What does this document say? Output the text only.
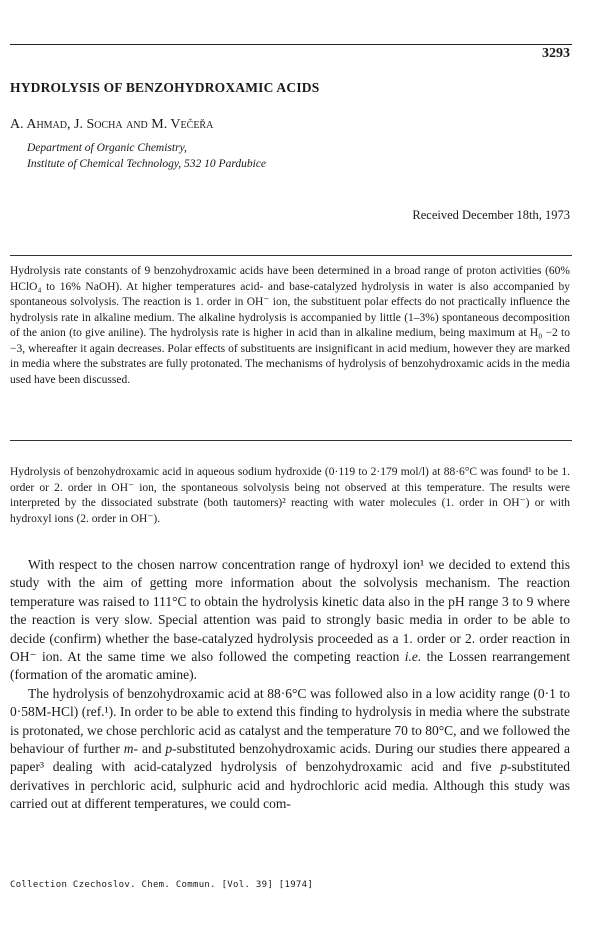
3293
HYDROLYSIS OF BENZOHYDROXAMIC ACIDS
A. Ahmad, J. Socha and M. Večeřa
Department of Organic Chemistry,
Institute of Chemical Technology, 532 10 Pardubice
Received December 18th, 1973
Hydrolysis rate constants of 9 benzohydroxamic acids have been determined in a broad range of proton activities (60% HClO₄ to 16% NaOH). At higher temperatures acid- and base-catalyzed hydrolysis in water is also accompanied by spontaneous solvolysis. The reaction is 1. order in OH⁻ ion, the substituent polar effects do not practically influence the hydrolysis rate in alkaline medium. The alkaline hydrolysis is accompanied by little (1–3%) spontaneous decomposition of the anion (to give aniline). The hydrolysis rate is higher in acid than in alkaline medium, being maximum at H₀ −2 to −3, whereafter it again decreases. Polar effects of substituents are insignificant in acid medium, however they are marked in media where the substrates are fully protonated. The mechanisms of hydrolysis of benzohydroxamic acids in the media used have been discussed.
Hydrolysis of benzohydroxamic acid in aqueous sodium hydroxide (0·119 to 2·179 mol/l) at 88·6°C was found¹ to be 1. order or 2. order in OH⁻ ion, the spontaneous solvolysis being not observed at this temperature. The results were interpreted by the dissociated substrate (both tautomers)² reacting with water molecules (1. order in OH⁻) or with hydroxyl ions (2. order in OH⁻).

With respect to the chosen narrow concentration range of hydroxyl ion¹ we decided to extend this study with the aim of getting more information about the solvolysis mechanism. The reaction temperature was raised to 111°C to obtain the hydrolysis kinetic data also in the pH range 3 to 9 where the reaction is very slow. Special attention was paid to strongly basic media in order to be able to decide (confirm) whether the base-catalyzed hydrolysis proceeded as a 1. order or 2. order reaction in OH⁻ ion. At the same time we also followed the competing reaction i.e. the Lossen rearrangement (formation of the aromatic amine).

The hydrolysis of benzohydroxamic acid at 88·6°C was followed also in a low acidity range (0·1 to 0·58M-HCl) (ref.¹). In order to be able to extend this finding to hydrolysis in media where the substrate is protonated, we chose perchloric acid as catalyst and the temperature 70 to 80°C, and we followed the behaviour of further m- and p-substituted benzohydroxamic acids. During our studies there appeared a paper³ dealing with acid-catalyzed hydrolysis of benzohydroxamic acid and five p-substituted derivatives in perchloric acid, sulphuric acid and hydrochloric acid media. Although this study was carried out at different temperatures, we could com-

Collection Czechoslov. Chem. Commun. [Vol. 39] [1974]
